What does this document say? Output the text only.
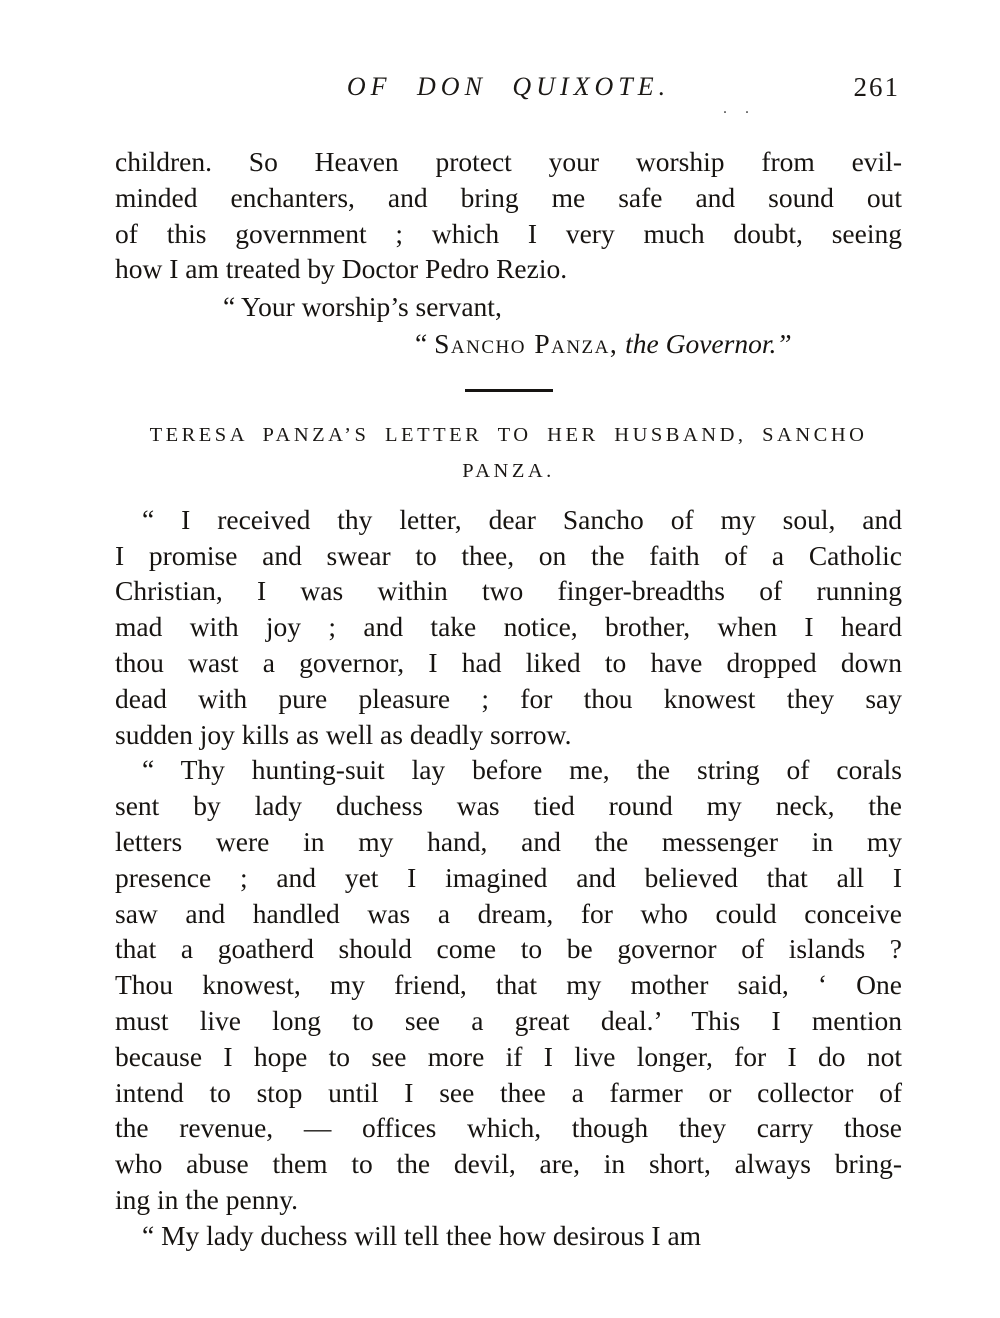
OF DON QUIXOTE.	261
. .
children. So Heaven protect your worship from evil-
minded enchanters, and bring me safe and sound out
of this government ; which I very much doubt, seeing
how I am treated by Doctor Pedro Rezio.
“ Your worship’s servant,
“ Sancho Panza, the Governor.”
TERESA PANZA’S LETTER TO HER HUSBAND, SANCHO
PANZA.
“ I received thy letter, dear Sancho of my soul, and
I promise and swear to thee, on the faith of a Catholic
Christian, I was within two finger-breadths of running
mad with joy ; and take notice, brother, when I heard
thou wast a governor, I had liked to have dropped down
dead with pure pleasure ; for thou knowest they say
sudden joy kills as well as deadly sorrow.
“ Thy hunting-suit lay before me, the string of corals
sent by lady duchess was tied round my neck, the
letters were in my hand, and the messenger in my
presence ; and yet I imagined and believed that all I
saw and handled was a dream, for who could conceive
that a goatherd should come to be governor of islands ?
Thou knowest, my friend, that my mother said, ‘ One
must live long to see a great deal.’ This I mention
because I hope to see more if I live longer, for I do not
intend to stop until I see thee a farmer or collector of
the revenue, — offices which, though they carry those
who abuse them to the devil, are, in short, always bring-
ing in the penny.
“ My lady duchess will tell thee how desirous I am
